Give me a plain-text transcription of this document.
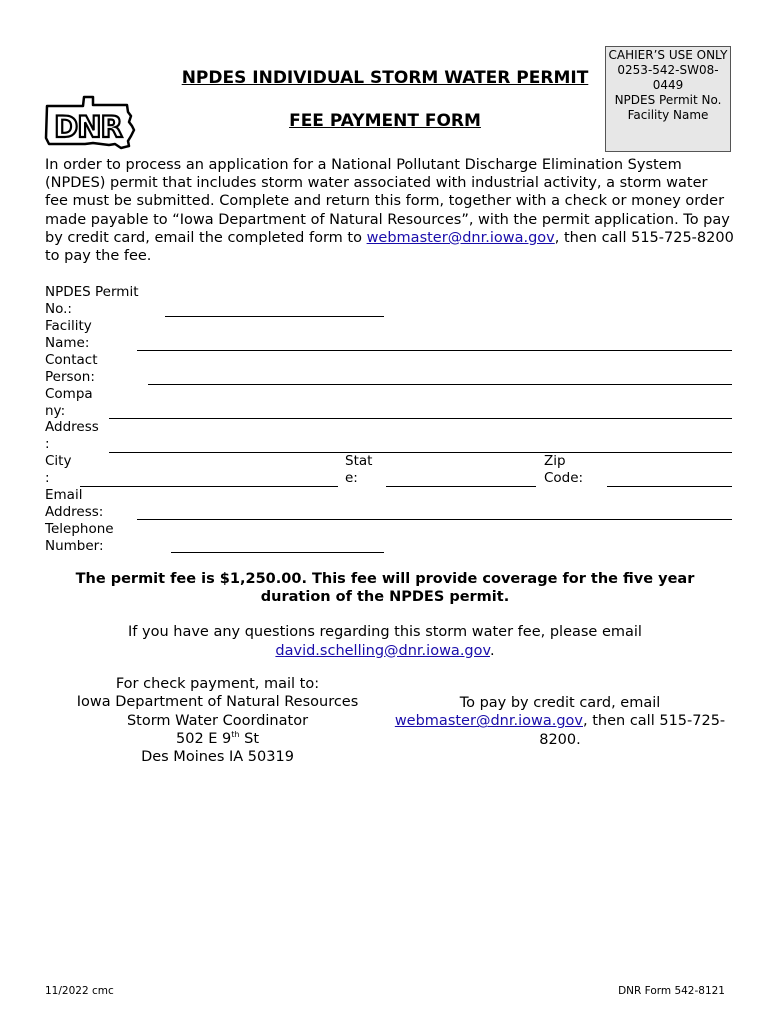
DNR
NPDES INDIVIDUAL STORM WATER PERMIT
FEE PAYMENT FORM
CAHIER’S USE ONLY
0253-542-SW08-0449
NPDES Permit No.
Facility Name
In order to process an application for a National Pollutant Discharge Elimination System (NPDES) permit that includes storm water associated with industrial activity, a storm water fee must be submitted. Complete and return this form, together with a check or money order made payable to “Iowa Department of Natural Resources”, with the permit application. To pay by credit card, email the completed form to webmaster@dnr.iowa.gov, then call 515-725-8200 to pay the fee.
NPDES Permit
No.:
Facility
Name:
Contact
Person:
Compa
ny:
Address
:
City
:
Stat
e:
Zip
Code:
Email
Address:
Telephone
Number:
The permit fee is $1,250.00. This fee will provide coverage for the five year duration of the NPDES permit.
If you have any questions regarding this storm water fee, please email
david.schelling@dnr.iowa.gov.
For check payment, mail to:
Iowa Department of Natural Resources
Storm Water Coordinator
502 E 9th St
Des Moines IA 50319
To pay by credit card, email
webmaster@dnr.iowa.gov, then call 515-725-8200.
11/2022 cmc	DNR Form 542-8121
